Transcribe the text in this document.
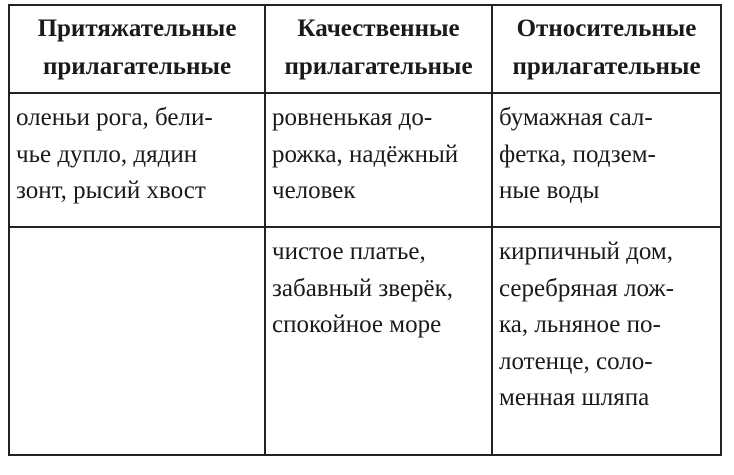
Притяжательные
прилагательные	Качественные
прилагательные	Относительные
прилагательные

оленьи рога, бели-
чье дупло, дядин
зонт, рысий хвост	ровненькая до-
рожка, надёжный
человек	бумажная сал-
фетка, подзем-
ные воды

	чистое платье,
забавный зверёк,
спокойное море	кирпичный дом,
серебряная лож-
ка, льняное по-
лотенце, соло-
менная шляпа
